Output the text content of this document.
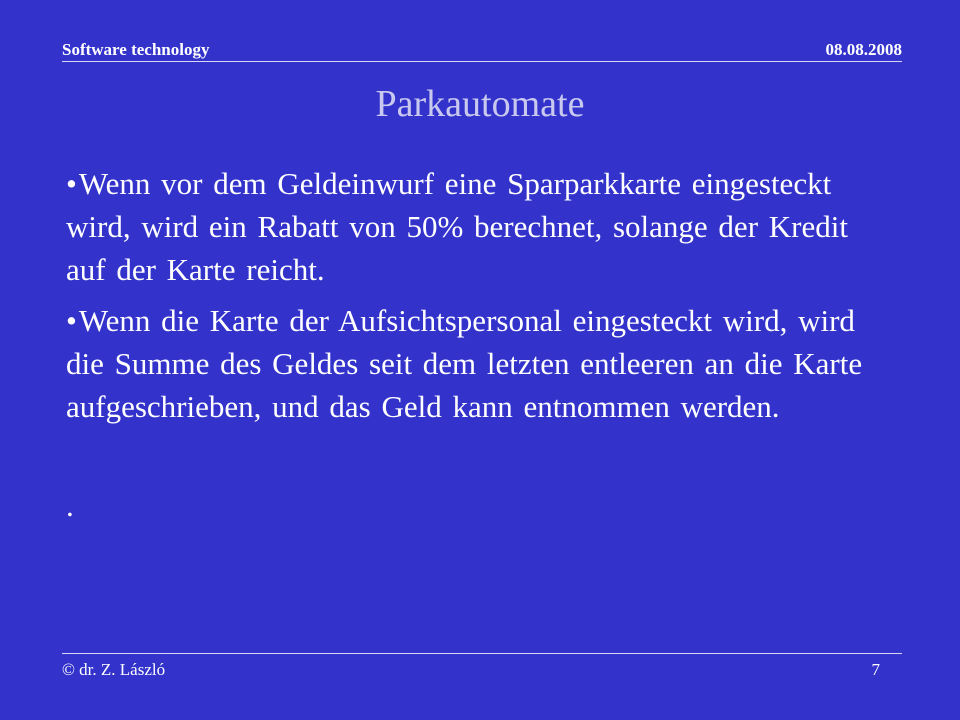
Software technology	08.08.2008
Parkautomate

•Wenn vor dem Geldeinwurf eine Sparparkkarte eingesteckt wird, wird ein Rabatt von 50% berechnet, solange der Kredit auf der Karte reicht.

•Wenn die Karte der Aufsichtspersonal eingesteckt wird, wird die Summe des Geldes seit dem letzten entleeren an die Karte aufgeschrieben, und das Geld kann entnommen werden.

.
© dr. Z. László	7
